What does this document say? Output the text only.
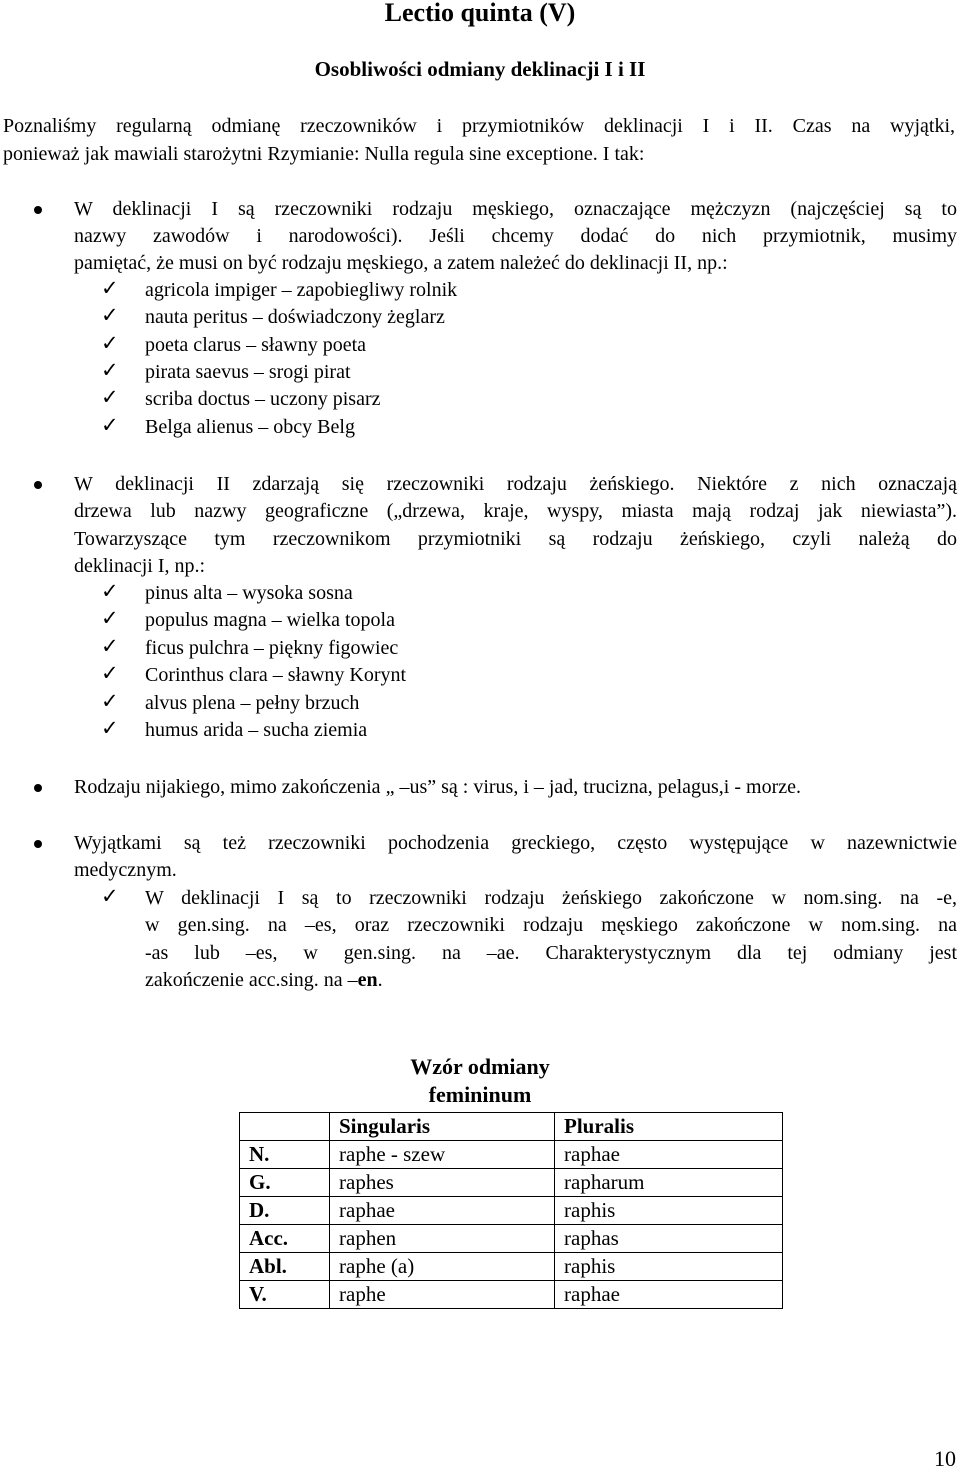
Lectio quinta (V)
Osobliwości odmiany deklinacji I i II
Poznaliśmy regularną odmianę rzeczowników i przymiotników deklinacji I i II. Czas na wyjątki,
ponieważ jak mawiali starożytni Rzymianie: Nulla regula sine exceptione. I tak:
W deklinacji I są rzeczowniki rodzaju męskiego, oznaczające mężczyzn (najczęściej są to
nazwy zawodów i narodowości). Jeśli chcemy dodać do nich przymiotnik, musimy
pamiętać, że musi on być rodzaju męskiego, a zatem należeć do deklinacji II, np.:
✓ agricola impiger – zapobiegliwy rolnik
✓ nauta peritus – doświadczony żeglarz
✓ poeta clarus – sławny poeta
✓ pirata saevus – srogi pirat
✓ scriba doctus – uczony pisarz
✓ Belga alienus – obcy Belg
W deklinacji II zdarzają się rzeczowniki rodzaju żeńskiego. Niektóre z nich oznaczają
drzewa lub nazwy geograficzne („drzewa, kraje, wyspy, miasta mają rodzaj jak niewiasta”).
Towarzyszące tym rzeczownikom przymiotniki są rodzaju żeńskiego, czyli należą do
deklinacji I, np.:
✓ pinus alta – wysoka sosna
✓ populus magna – wielka topola
✓ ficus pulchra – piękny figowiec
✓ Corinthus clara – sławny Korynt
✓ alvus plena – pełny brzuch
✓ humus arida – sucha ziemia
Rodzaju nijakiego, mimo zakończenia „ –us” są : virus, i – jad, trucizna, pelagus,i - morze.
Wyjątkami są też rzeczowniki pochodzenia greckiego, często występujące w nazewnictwie
medycznym.
✓ W deklinacji I są to rzeczowniki rodzaju żeńskiego zakończone w nom.sing. na -e,
w gen.sing. na –es, oraz rzeczowniki rodzaju męskiego zakończone w nom.sing. na
-as lub –es, w gen.sing. na –ae. Charakterystycznym dla tej odmiany jest
zakończenie acc.sing. na –en.
Wzór odmiany
femininum
	Singularis	Pluralis
N.	raphe - szew	raphae
G.	raphes	rapharum
D.	raphae	raphis
Acc.	raphen	raphas
Abl.	raphe (a)	raphis
V.	raphe	raphae
10
